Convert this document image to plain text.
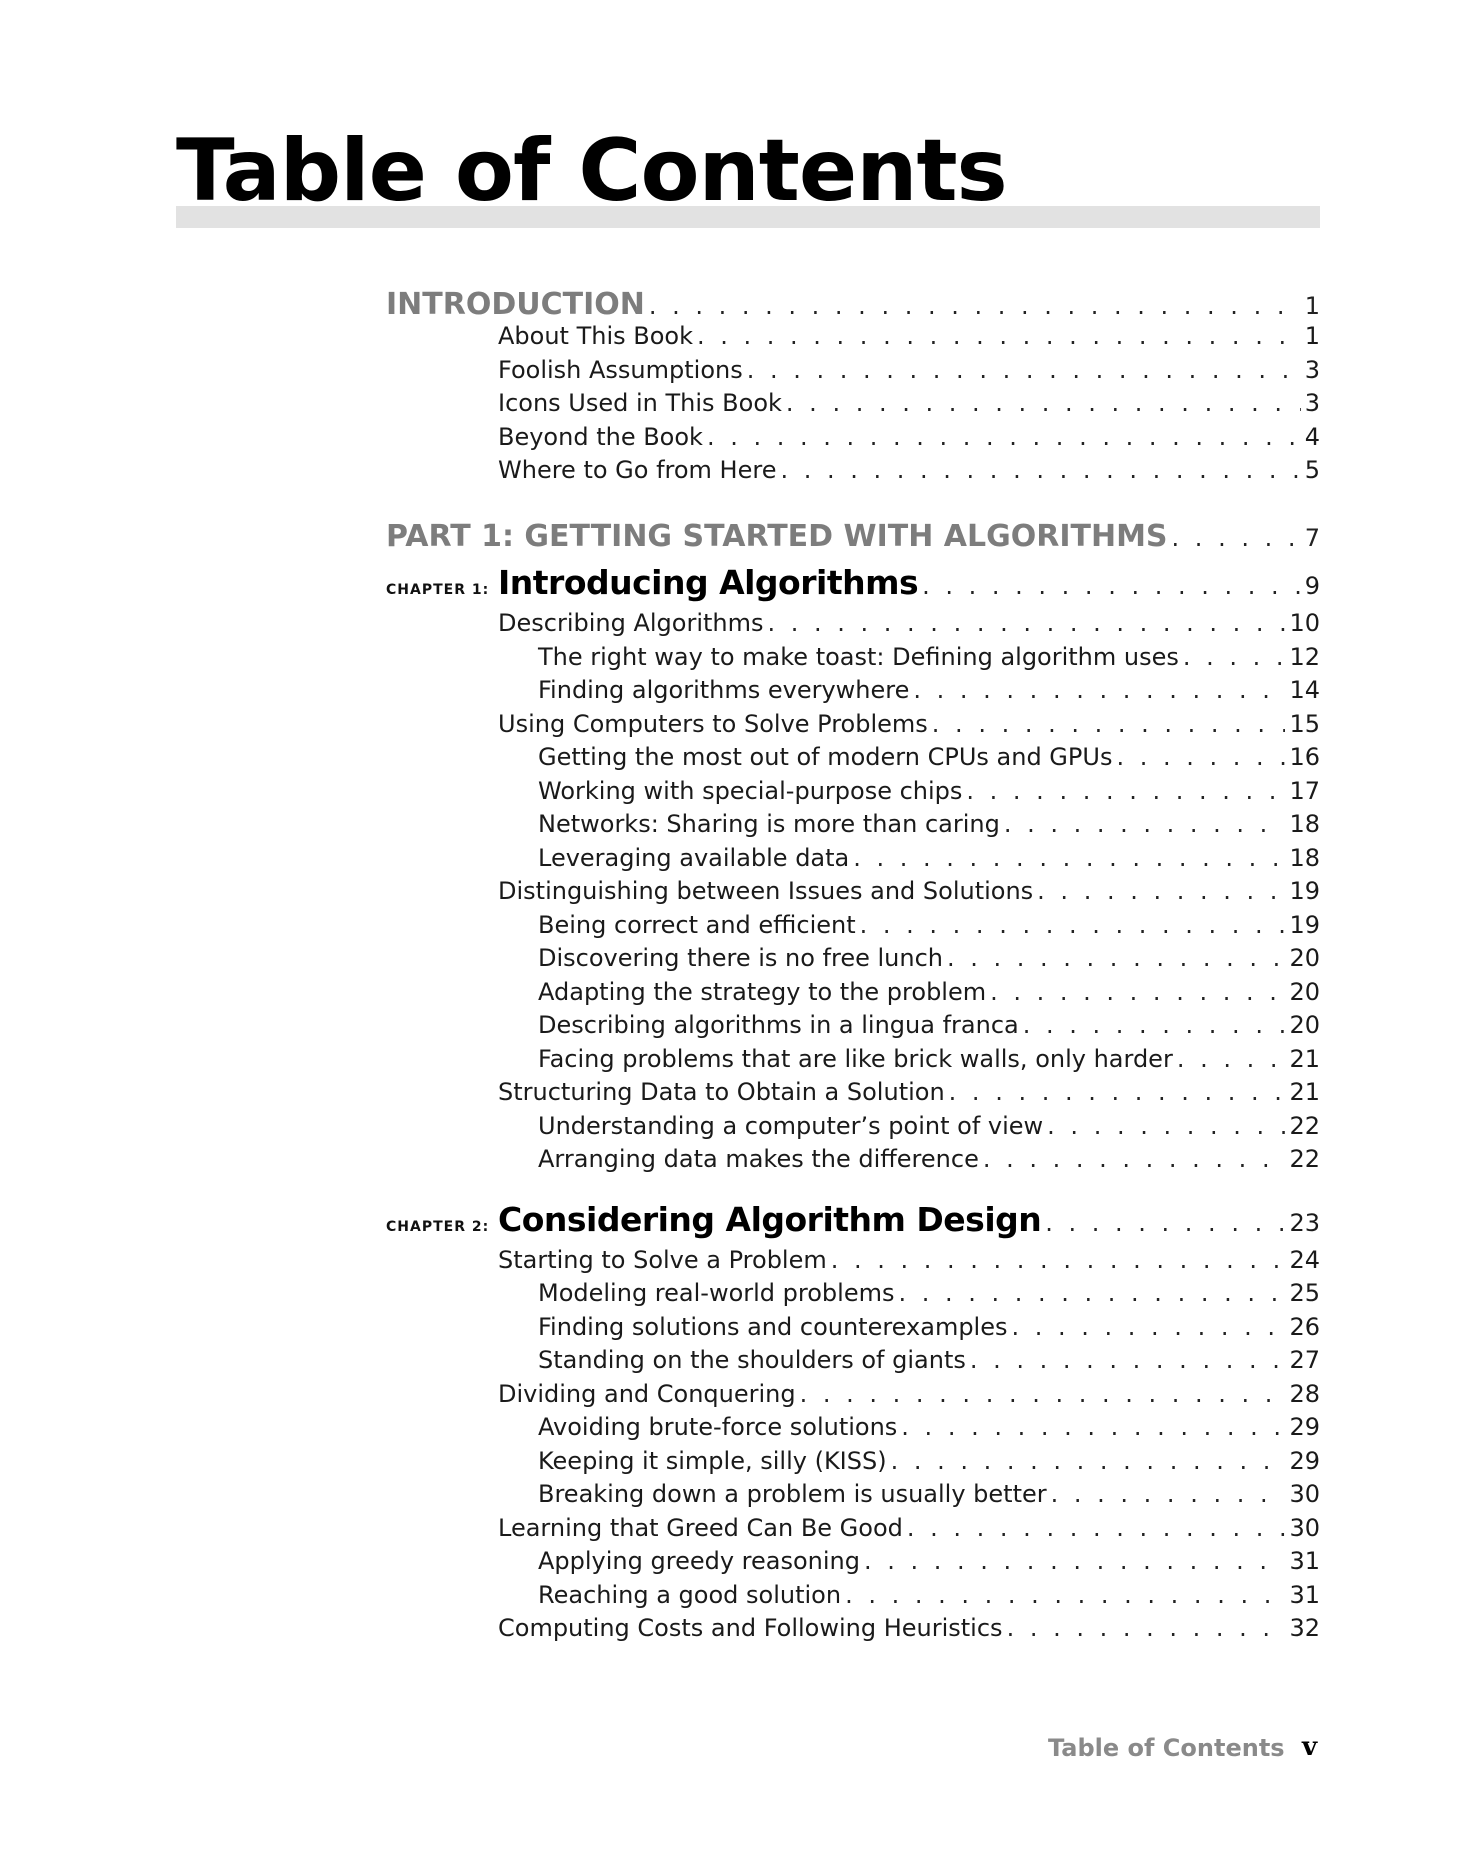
Table of Contents
INTRODUCTION . . .	1
About This Book . . .	1
Foolish Assumptions . . .	3
Icons Used in This Book . . .	3
Beyond the Book . . .	4
Where to Go from Here . . .	5
PART 1: GETTING STARTED WITH ALGORITHMS . . .	7
CHAPTER 1: Introducing Algorithms . . .	9
Describing Algorithms . . .	10
The right way to make toast: Defining algorithm uses . . .	12
Finding algorithms everywhere . . .	14
Using Computers to Solve Problems . . .	15
Getting the most out of modern CPUs and GPUs . . .	16
Working with special-purpose chips . . .	17
Networks: Sharing is more than caring . . .	18
Leveraging available data . . .	18
Distinguishing between Issues and Solutions . . .	19
Being correct and efficient . . .	19
Discovering there is no free lunch . . .	20
Adapting the strategy to the problem . . .	20
Describing algorithms in a lingua franca . . .	20
Facing problems that are like brick walls, only harder . . .	21
Structuring Data to Obtain a Solution . . .	21
Understanding a computer’s point of view . . .	22
Arranging data makes the difference . . .	22
CHAPTER 2: Considering Algorithm Design . . .	23
Starting to Solve a Problem . . .	24
Modeling real-world problems . . .	25
Finding solutions and counterexamples . . .	26
Standing on the shoulders of giants . . .	27
Dividing and Conquering . . .	28
Avoiding brute-force solutions . . .	29
Keeping it simple, silly (KISS) . . .	29
Breaking down a problem is usually better . . .	30
Learning that Greed Can Be Good . . .	30
Applying greedy reasoning . . .	31
Reaching a good solution . . .	31
Computing Costs and Following Heuristics . . .	32
Table of Contents v
